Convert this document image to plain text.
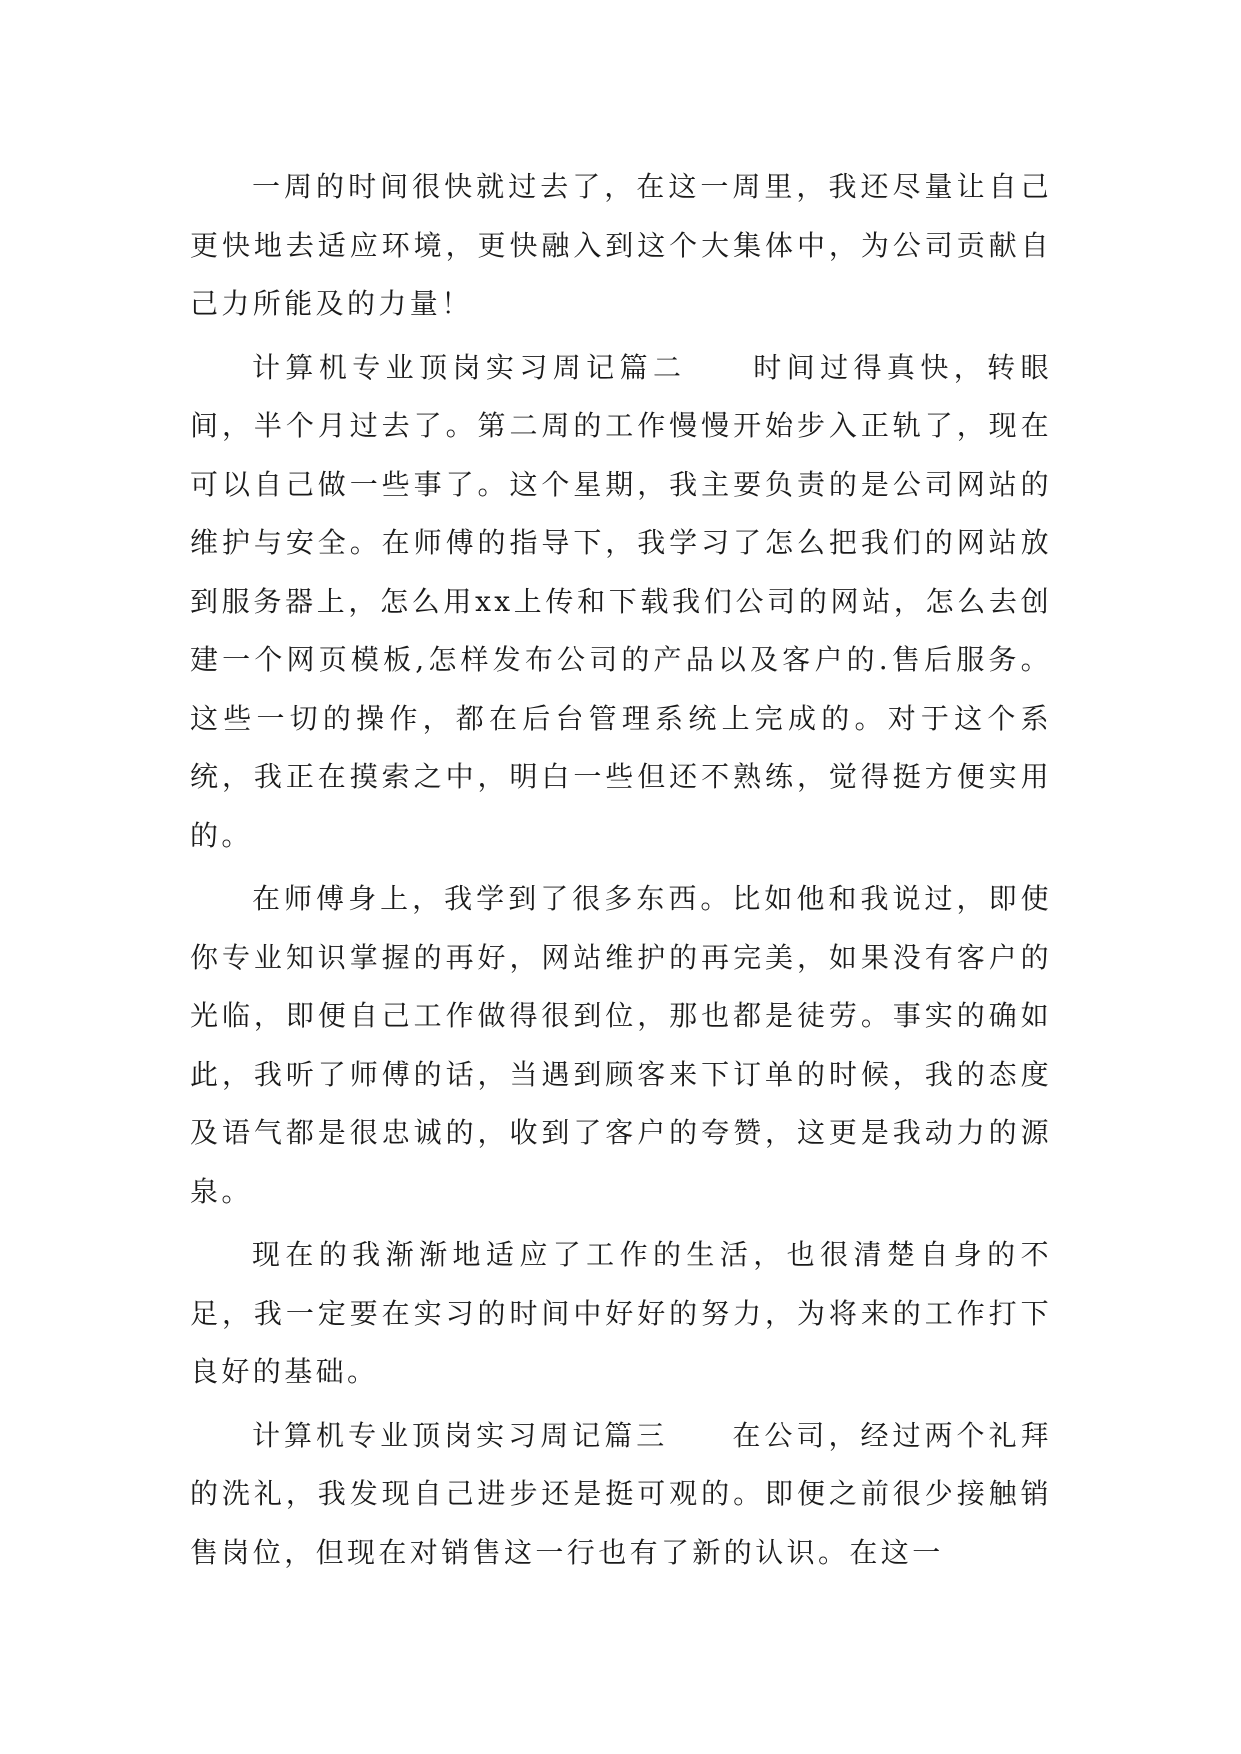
一周的时间很快就过去了，在这一周里，我还尽量让自己更快地去适应环境，更快融入到这个大集体中，为公司贡献自己力所能及的力量！

计算机专业顶岗实习周记篇二　　时间过得真快，转眼间，半个月过去了。第二周的工作慢慢开始步入正轨了，现在可以自己做一些事了。这个星期，我主要负责的是公司网站的维护与安全。在师傅的指导下，我学习了怎么把我们的网站放到服务器上，怎么用xx上传和下载我们公司的网站，怎么去创建一个网页模板,怎样发布公司的产品以及客户的.售后服务。这些一切的操作，都在后台管理系统上完成的。对于这个系统，我正在摸索之中，明白一些但还不熟练，觉得挺方便实用的。

在师傅身上，我学到了很多东西。比如他和我说过，即使你专业知识掌握的再好，网站维护的再完美，如果没有客户的光临，即便自己工作做得很到位，那也都是徒劳。事实的确如此，我听了师傅的话，当遇到顾客来下订单的时候，我的态度及语气都是很忠诚的，收到了客户的夸赞，这更是我动力的源泉。

现在的我渐渐地适应了工作的生活，也很清楚自身的不足，我一定要在实习的时间中好好的努力，为将来的工作打下良好的基础。

计算机专业顶岗实习周记篇三　　在公司，经过两个礼拜的洗礼，我发现自己进步还是挺可观的。即便之前很少接触销售岗位，但现在对销售这一行也有了新的认识。在这一
